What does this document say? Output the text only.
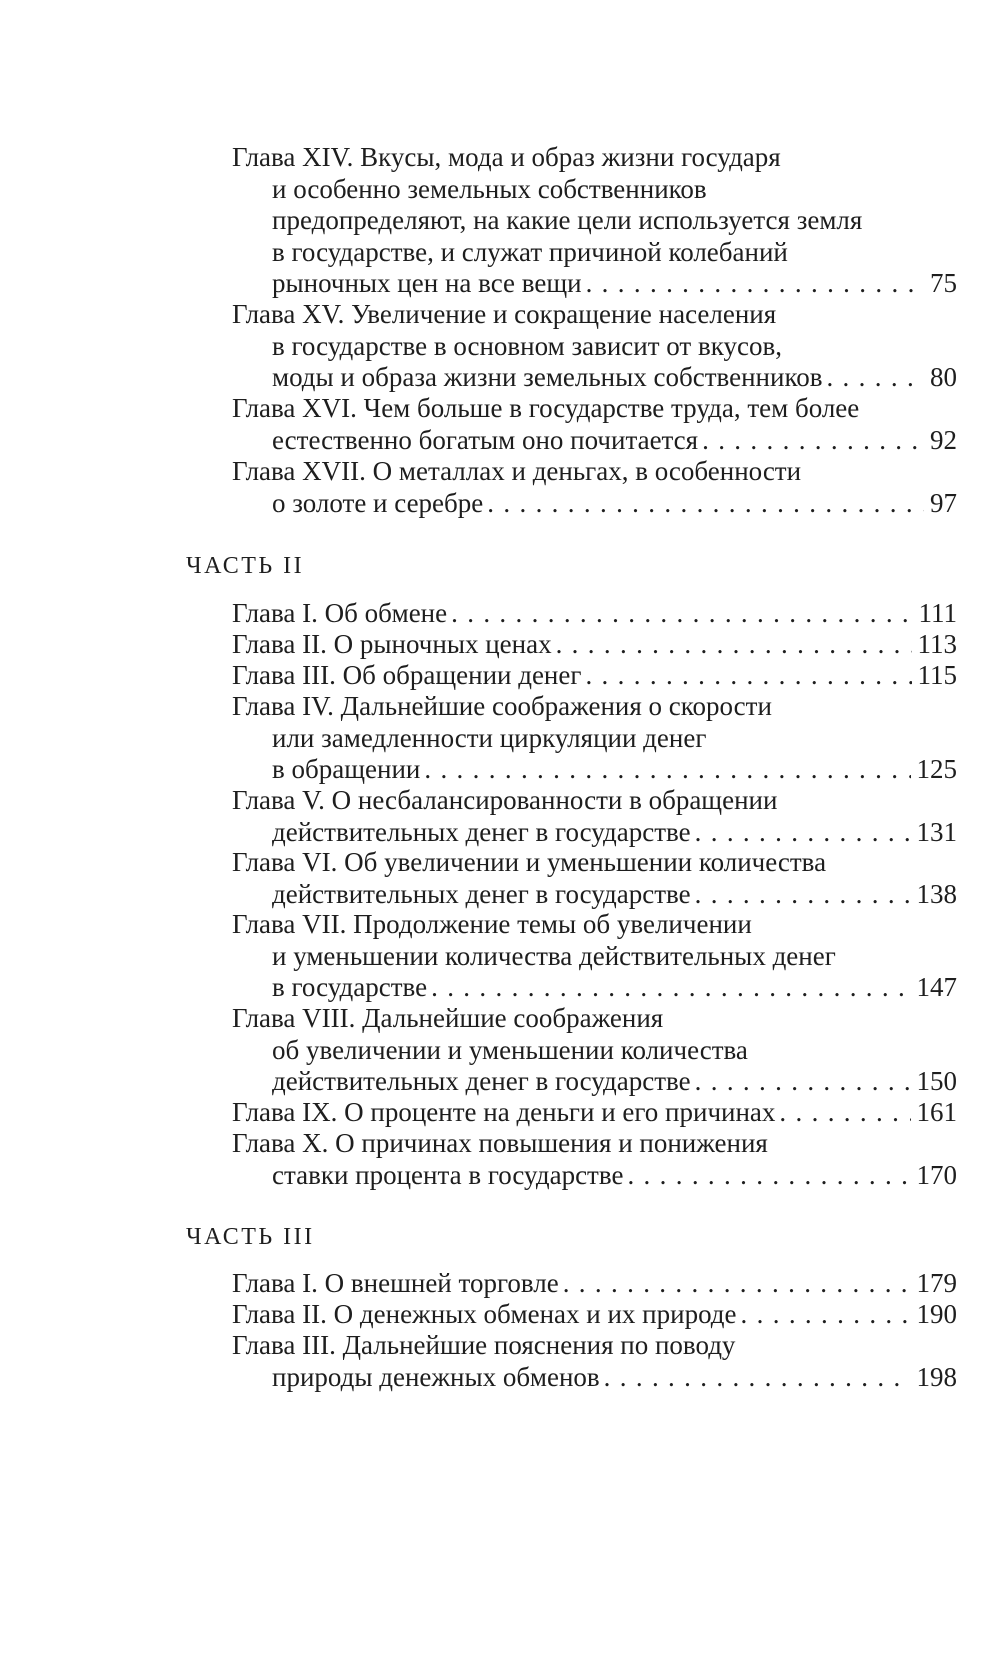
Глава XIV. Вкусы, мода и образ жизни государя
и особенно земельных собственников
предопределяют, на какие цели используется земля
в государстве, и служат причиной колебаний
рыночных цен на все вещи . . .	75
Глава XV. Увеличение и сокращение населения
в государстве в основном зависит от вкусов,
моды и образа жизни земельных собственников . . .	80
Глава XVI. Чем больше в государстве труда, тем более
естественно богатым оно почитается . . .	92
Глава XVII. О металлах и деньгах, в особенности
о золоте и серебре . . .	97
ЧАСТЬ II
Глава I. Об обмене . . .	111
Глава II. О рыночных ценах . . .	113
Глава III. Об обращении денег . . .	115
Глава IV. Дальнейшие соображения о скорости
или замедленности циркуляции денег
в обращении . . .	125
Глава V. О несбалансированности в обращении
действительных денег в государстве . . .	131
Глава VI. Об увеличении и уменьшении количества
действительных денег в государстве . . .	138
Глава VII. Продолжение темы об увеличении
и уменьшении количества действительных денег
в государстве . . .	147
Глава VIII. Дальнейшие соображения
об увеличении и уменьшении количества
действительных денег в государстве . . .	150
Глава IX. О проценте на деньги и его причинах . . .	161
Глава X. О причинах повышения и понижения
ставки процента в государстве . . .	170
ЧАСТЬ III
Глава I. О внешней торговле . . .	179
Глава II. О денежных обменах и их природе . . .	190
Глава III. Дальнейшие пояснения по поводу
природы денежных обменов . . .	198
